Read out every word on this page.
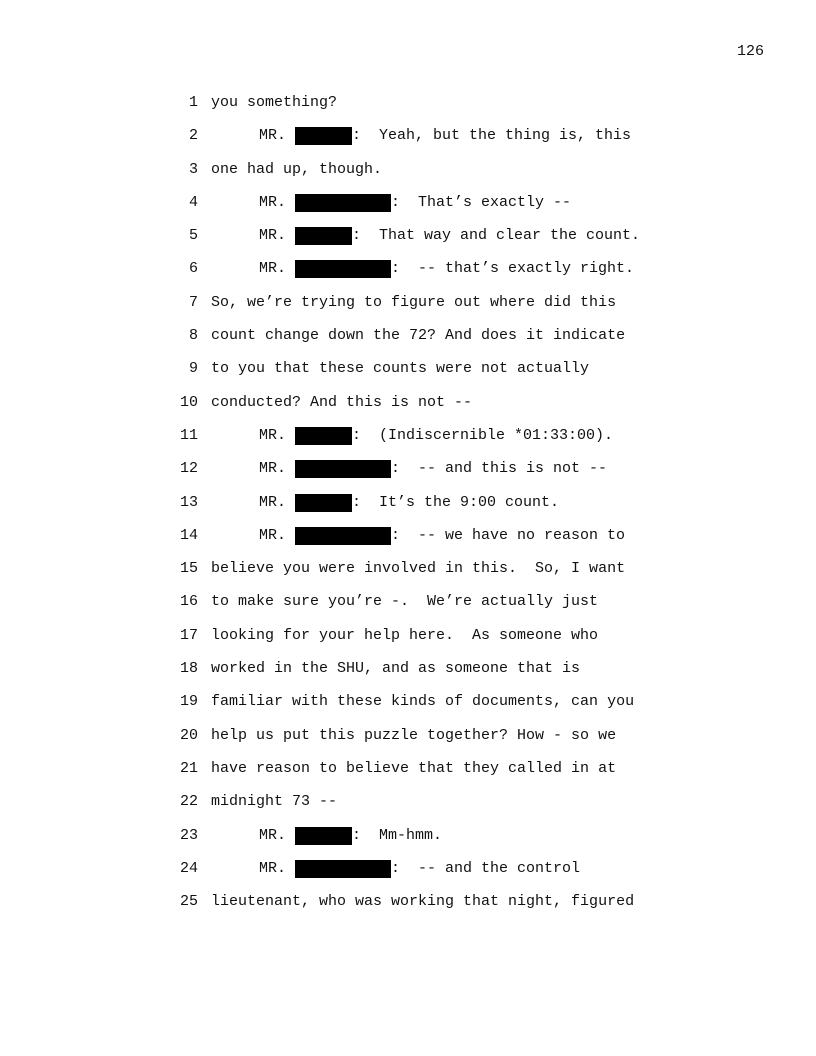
126
1 you something?
2	MR.	:  Yeah, but the thing is, this
3 one had up, though.
4	MR.	:  That’s exactly --
5	MR.	:  That way and clear the count.
6	MR.	:  -- that’s exactly right.
7 So, we’re trying to figure out where did this
8 count change down the 72? And does it indicate
9 to you that these counts were not actually
10 conducted? And this is not --
11	MR.	:  (Indiscernible *01:33:00).
12	MR.	:  -- and this is not --
13	MR.	:  It’s the 9:00 count.
14	MR.	:  -- we have no reason to
15 believe you were involved in this.  So, I want
16 to make sure you’re -.  We’re actually just
17 looking for your help here.  As someone who
18 worked in the SHU, and as someone that is
19 familiar with these kinds of documents, can you
20 help us put this puzzle together? How - so we
21 have reason to believe that they called in at
22 midnight 73 --
23	MR.	:  Mm-hmm.
24	MR.	:  -- and the control
25 lieutenant, who was working that night, figured
